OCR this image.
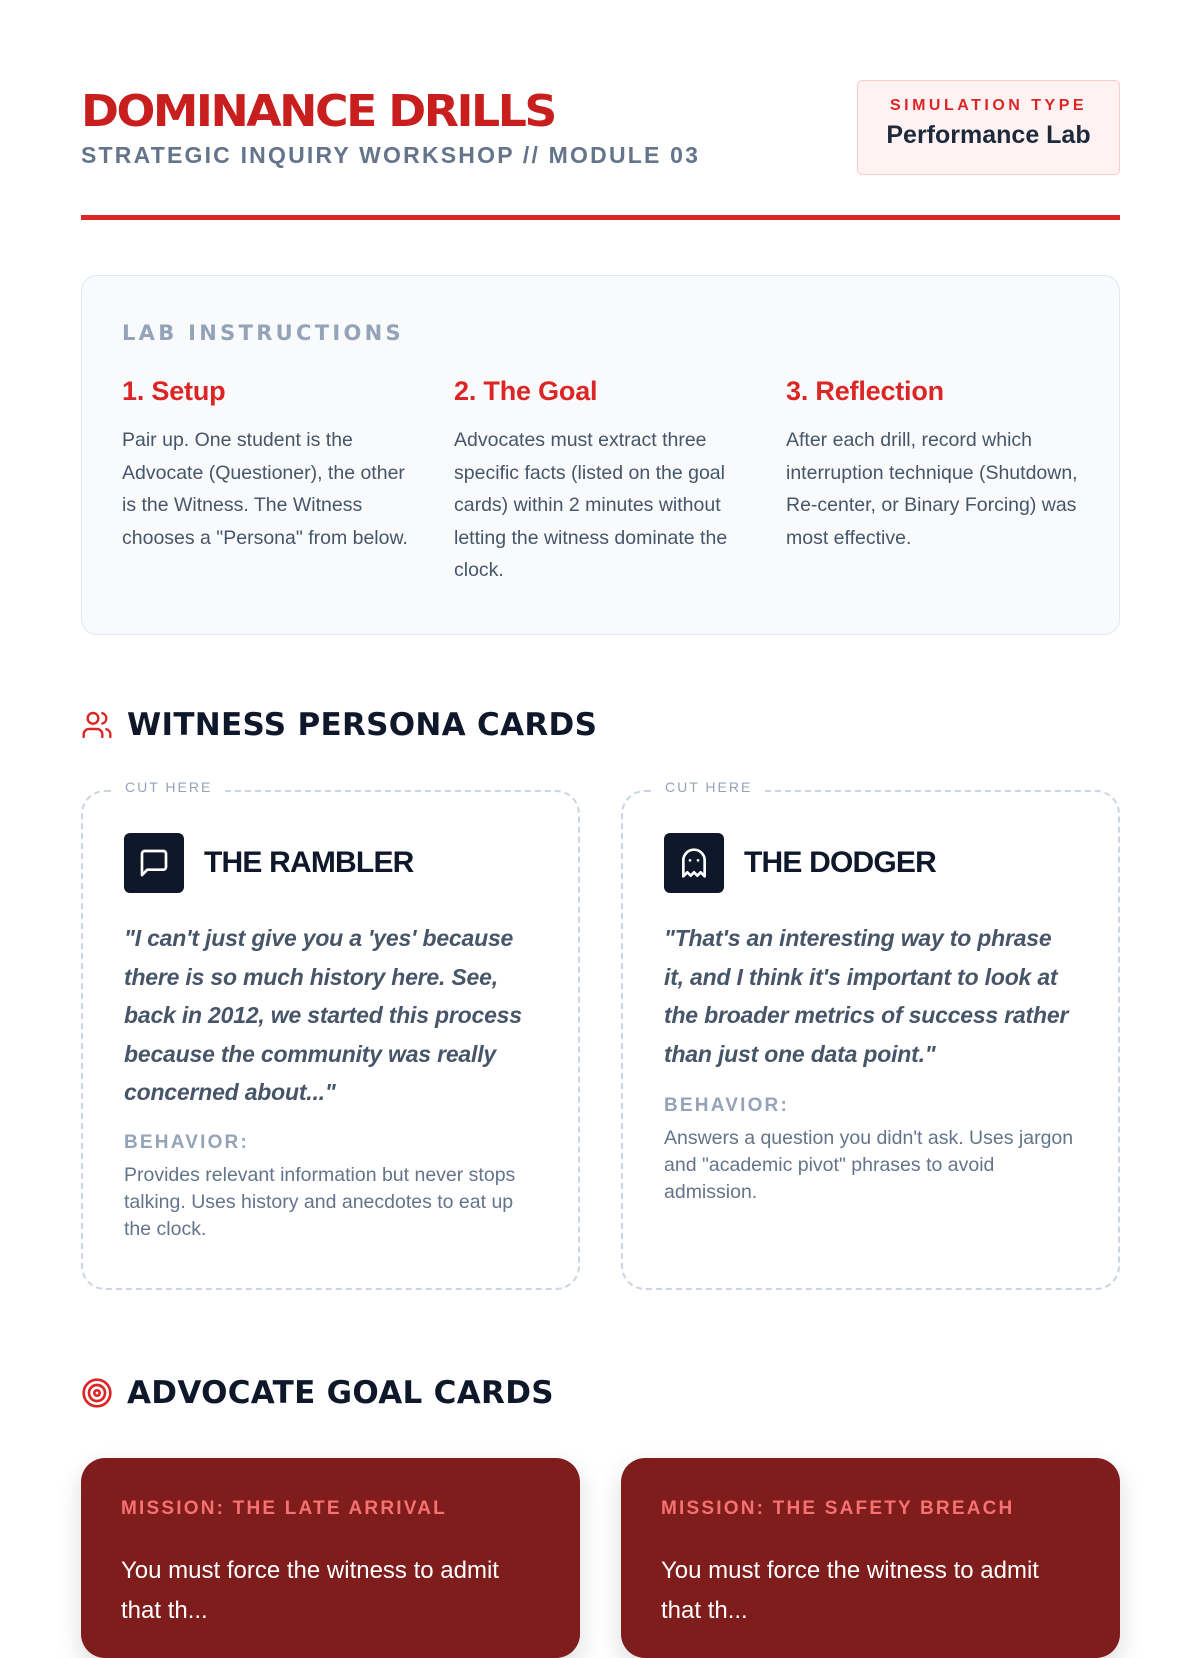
DOMINANCE DRILLS
STRATEGIC INQUIRY WORKSHOP // MODULE 03
SIMULATION TYPE
Performance Lab
LAB INSTRUCTIONS
1. Setup

Pair up. One student is the Advocate (Questioner), the other is the Witness. The Witness chooses a "Persona" from below.

2. The Goal

Advocates must extract three specific facts (listed on the goal cards) within 2 minutes without letting the witness dominate the clock.

3. Reflection

After each drill, record which interruption technique (Shutdown, Re-center, or Binary Forcing) was most effective.

WITNESS PERSONA CARDS
CUT HERE
THE RAMBLER
"I can't just give you a 'yes' because there is so much history here. See, back in 2012, we started this process because the community was really concerned about..."
BEHAVIOR:
Provides relevant information but never stops talking. Uses history and anecdotes to eat up the clock.
CUT HERE
THE DODGER
"That's an interesting way to phrase it, and I think it's important to look at the broader metrics of success rather than just one data point."
BEHAVIOR:
Answers a question you didn't ask. Uses jargon and "academic pivot" phrases to avoid admission.
ADVOCATE GOAL CARDS
MISSION: THE LATE ARRIVAL
You must force the witness to admit that th...
MISSION: THE SAFETY BREACH
You must force the witness to admit that th...
